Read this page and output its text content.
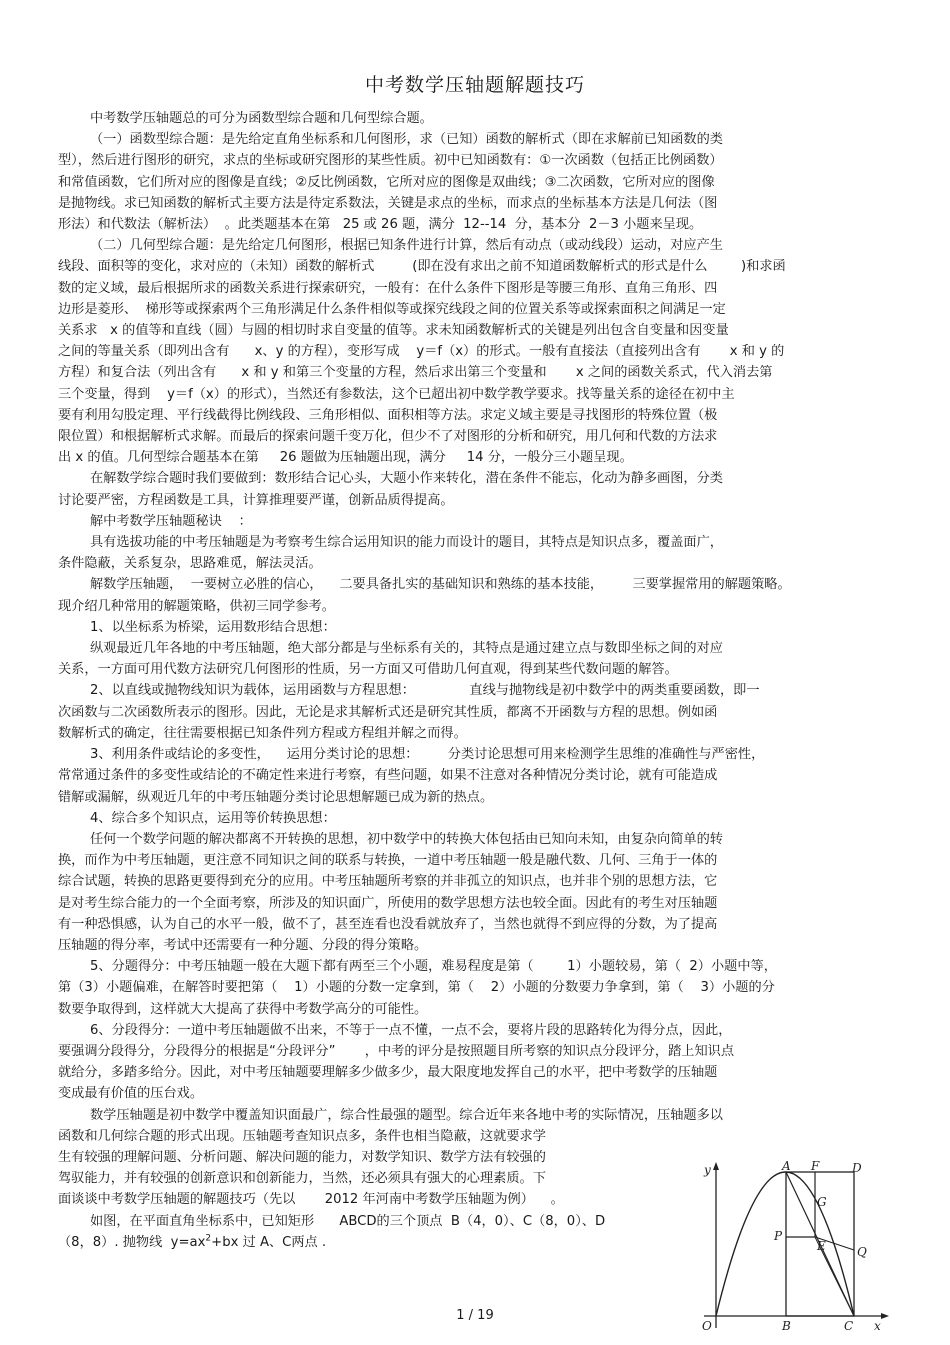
中考数学压轴题解题技巧

中考数学压轴题总的可分为函数型综合题和几何型综合题。

（一）函数型综合题：是先给定直角坐标系和几何图形，求（已知）函数的解析式（即在求解前已知函数的类

型），然后进行图形的研究，求点的坐标或研究图形的某些性质。初中已知函数有：①一次函数（包括正比例函数）

和常值函数，它们所对应的图像是直线；②反比例函数，它所对应的图像是双曲线；③二次函数，它所对应的图像

是抛物线。求已知函数的解析式主要方法是待定系数法，关键是求点的坐标，而求点的坐标基本方法是几何法（图

形法）和代数法（解析法）  。此类题基本在第   25 或 26 题，满分  12--14  分，基本分  2－3 小题来呈现。

（二）几何型综合题：是先给定几何图形，根据已知条件进行计算，然后有动点（或动线段）运动，对应产生

线段、面积等的变化，求对应的（未知）函数的解析式         (即在没有求出之前不知道函数解析式的形式是什么        )和求函

数的定义域，最后根据所求的函数关系进行探索研究，一般有：在什么条件下图形是等腰三角形、直角三角形、四

边形是菱形、  梯形等或探索两个三角形满足什么条件相似等或探究线段之间的位置关系等或探索面积之间满足一定

关系求   x 的值等和直线（圆）与圆的相切时求自变量的值等。求未知函数解析式的关键是列出包含自变量和因变量

之间的等量关系（即列出含有      x、y 的方程），变形写成    y＝f（x）的形式。一般有直接法（直接列出含有       x 和 y 的

方程）和复合法（列出含有      x 和 y 和第三个变量的方程，然后求出第三个变量和       x 之间的函数关系式，代入消去第

三个变量，得到    y＝f（x）的形式），当然还有参数法，这个已超出初中数学教学要求。找等量关系的途径在初中主

要有利用勾股定理、平行线截得比例线段、三角形相似、面积相等方法。求定义域主要是寻找图形的特殊位置（极

限位置）和根据解析式求解。而最后的探索问题千变万化，但少不了对图形的分析和研究，用几何和代数的方法求

出 x 的值。几何型综合题基本在第     26 题做为压轴题出现，满分     14 分，一般分三小题呈现。

在解数学综合题时我们要做到：数形结合记心头，大题小作来转化，潜在条件不能忘，化动为静多画图，分类

讨论要严密，方程函数是工具，计算推理要严谨，创新品质得提高。

解中考数学压轴题秘诀    ：

具有选拔功能的中考压轴题是为考察考生综合运用知识的能力而设计的题目，其特点是知识点多，覆盖面广，

条件隐蔽，关系复杂，思路难觅，解法灵活。

解数学压轴题，  一要树立必胜的信心，    二要具备扎实的基础知识和熟练的基本技能，       三要掌握常用的解题策略。

现介绍几种常用的解题策略，供初三同学参考。

1、以坐标系为桥梁，运用数形结合思想：

纵观最近几年各地的中考压轴题，绝大部分都是与坐标系有关的，其特点是通过建立点与数即坐标之间的对应

关系，一方面可用代数方法研究几何图形的性质，另一方面又可借助几何直观，得到某些代数问题的解答。

2、以直线或抛物线知识为载体，运用函数与方程思想：             直线与抛物线是初中数学中的两类重要函数，即一

次函数与二次函数所表示的图形。因此，无论是求其解析式还是研究其性质，都离不开函数与方程的思想。例如函

数解析式的确定，往往需要根据已知条件列方程或方程组并解之而得。

3、利用条件或结论的多变性，    运用分类讨论的思想：       分类讨论思想可用来检测学生思维的准确性与严密性，

常常通过条件的多变性或结论的不确定性来进行考察，有些问题，如果不注意对各种情况分类讨论，就有可能造成

错解或漏解，纵观近几年的中考压轴题分类讨论思想解题已成为新的热点。

4、综合多个知识点，运用等价转换思想：

任何一个数学问题的解决都离不开转换的思想，初中数学中的转换大体包括由已知向未知，由复杂向简单的转

换，而作为中考压轴题，更注意不同知识之间的联系与转换，一道中考压轴题一般是融代数、几何、三角于一体的

综合试题，转换的思路更要得到充分的应用。中考压轴题所考察的并非孤立的知识点，也并非个别的思想方法，它

是对考生综合能力的一个全面考察，所涉及的知识面广，所使用的数学思想方法也较全面。因此有的考生对压轴题

有一种恐惧感，认为自己的水平一般，做不了，甚至连看也没看就放弃了，当然也就得不到应得的分数，为了提高

压轴题的得分率，考试中还需要有一种分题、分段的得分策略。

5、分题得分：中考压轴题一般在大题下都有两至三个小题，难易程度是第（        1）小题较易，第（  2）小题中等，

第（3）小题偏难，在解答时要把第（    1）小题的分数一定拿到，第（    2）小题的分数要力争拿到，第（    3）小题的分

数要争取得到，这样就大大提高了获得中考数学高分的可能性。

6、分段得分：一道中考压轴题做不出来，不等于一点不懂，一点不会，要将片段的思路转化为得分点，因此，

要强调分段得分，分段得分的根据是“分段评分”       ，中考的评分是按照题目所考察的知识点分段评分，踏上知识点

就给分，多踏多给分。因此，对中考压轴题要理解多少做多少，最大限度地发挥自己的水平，把中考数学的压轴题

变成最有价值的压台戏。

数学压轴题是初中数学中覆盖知识面最广，综合性最强的题型。综合近年来各地中考的实际情况，压轴题多以

函数和几何综合题的形式出现。压轴题考查知识点多，条件也相当隐蔽，这就要求学

生有较强的理解问题、分析问题、解决问题的能力，对数学知识、数学方法有较强的

驾驭能力，并有较强的创新意识和创新能力，当然，还必须具有强大的心理素质。下

面谈谈中考数学压轴题的解题技巧（先以       2012 年河南中考数学压轴题为例）    。

如图，在平面直角坐标系中，已知矩形      ABCD的三个顶点  B（4，0）、C（8，0）、D

（8，8）. 抛物线  $y=ax^2+bx$ 过 A、C两点 .

1 / 19
y
x
O
A F	D
G
P
E	Q
B	C
